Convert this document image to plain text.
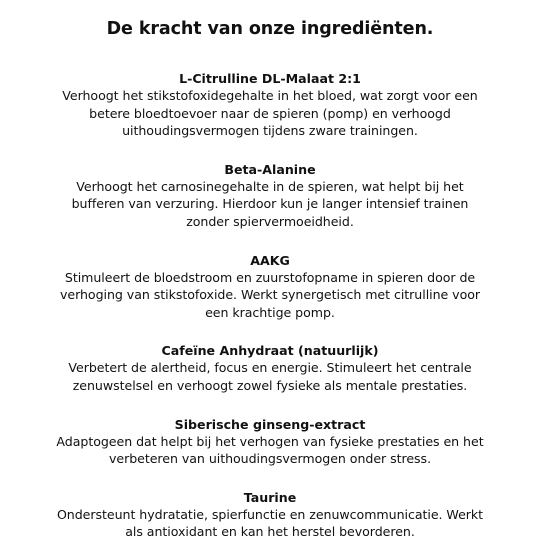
De kracht van onze ingrediënten.

L-Citrulline DL-Malaat 2:1

Verhoogt het stikstofoxidegehalte in het bloed, wat zorgt voor een
betere bloedtoevoer naar de spieren (pomp) en verhoogd
uithoudingsvermogen tijdens zware trainingen.

Beta-Alanine

Verhoogt het carnosinegehalte in de spieren, wat helpt bij het
bufferen van verzuring. Hierdoor kun je langer intensief trainen
zonder spiervermoeidheid.

AAKG

Stimuleert de bloedstroom en zuurstofopname in spieren door de
verhoging van stikstofoxide. Werkt synergetisch met citrulline voor
een krachtige pomp.

Cafeïne Anhydraat (natuurlijk)

Verbetert de alertheid, focus en energie. Stimuleert het centrale
zenuwstelsel en verhoogt zowel fysieke als mentale prestaties.

Siberische ginseng-extract

Adaptogeen dat helpt bij het verhogen van fysieke prestaties en het
verbeteren van uithoudingsvermogen onder stress.

Taurine

Ondersteunt hydratatie, spierfunctie en zenuwcommunicatie. Werkt
als antioxidant en kan het herstel bevorderen.
